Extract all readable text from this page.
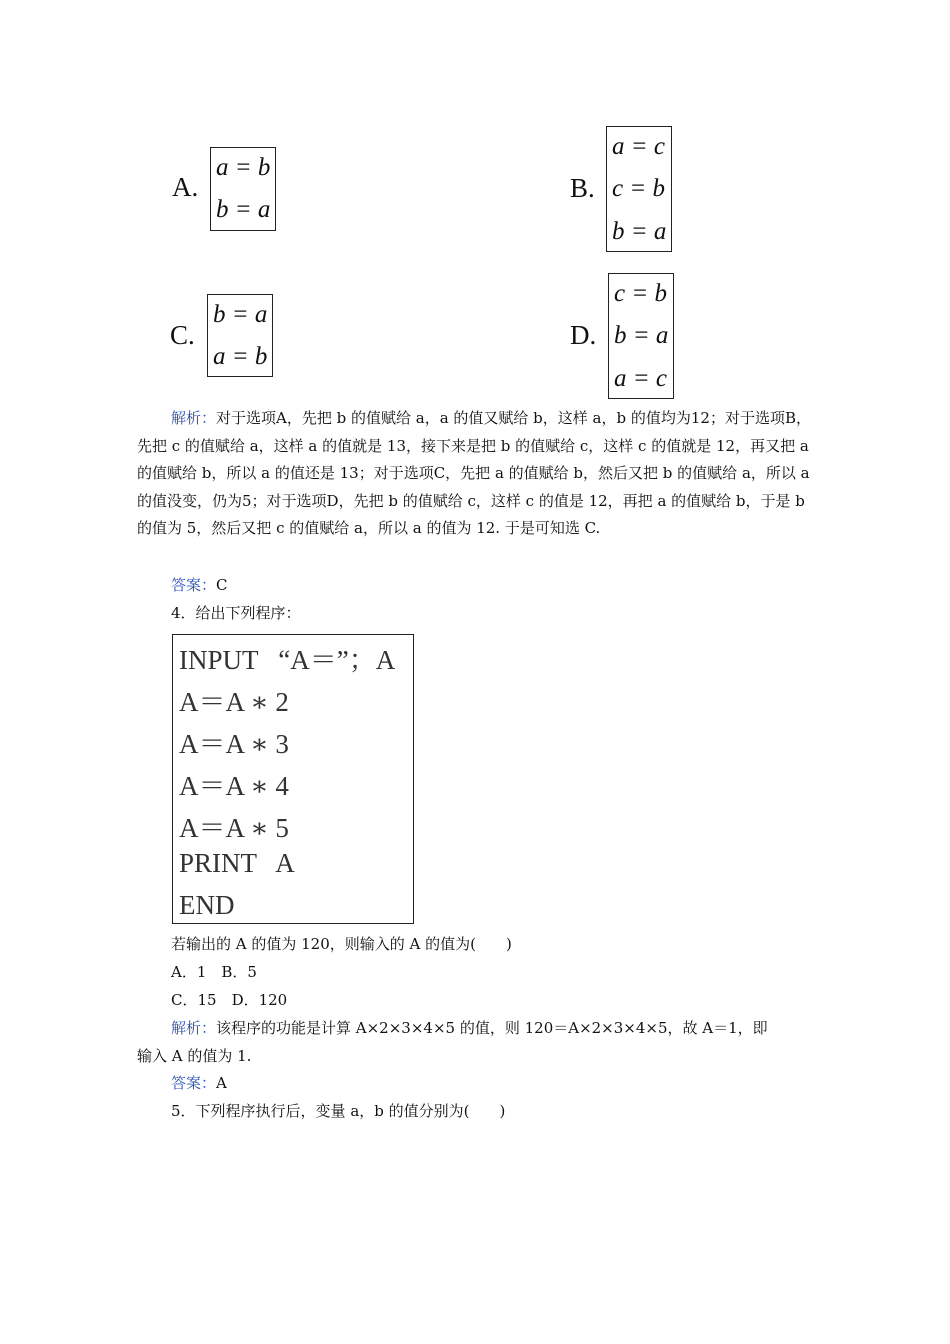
A.
a = b
b = a
B.
a = c
c = b
b = a
C.
b = a
a = b
D.
c = b
b = a
a = c
解析：对于选项A，先把 b 的值赋给 a，a 的值又赋给 b，这样 a，b 的值均为12；对于选项B，先把 c 的值赋给 a，这样 a 的值就是 13，接下来是把 b 的值赋给 c，这样 c 的值就是 12，再又把 a 的值赋给 b，所以 a 的值还是 13；对于选项C，先把 a 的值赋给 b，然后又把 b 的值赋给 a，所以 a 的值没变，仍为5；对于选项D，先把 b 的值赋给 c，这样 c 的值是 12，再把 a 的值赋给 b，于是 b 的值为 5，然后又把 c 的值赋给 a，所以 a 的值为 12. 于是可知选 C.
答案：C
4．给出下列程序：
INPUT   “A＝”；A
A＝A ∗ 2
A＝A ∗ 3
A＝A ∗ 4
A＝A ∗ 5
PRINT   A
END
若输出的 A 的值为 120，则输入的 A 的值为(　　)
A．1　B．5
C．15　D．120
解析：该程序的功能是计算 A×2×3×4×5 的值，则 120＝A×2×3×4×5，故 A＝1，即
输入 A 的值为 1.
答案：A
5．下列程序执行后，变量 a，b 的值分别为(　　)
